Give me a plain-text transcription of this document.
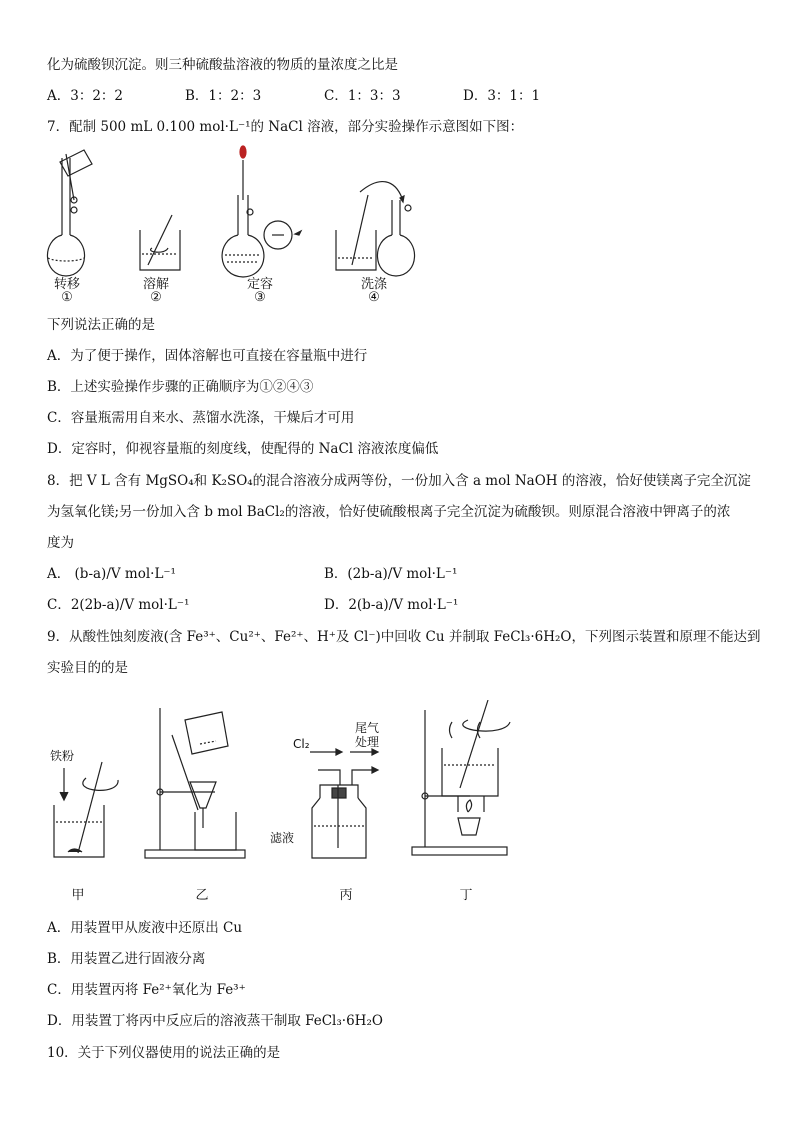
化为硫酸钡沉淀。则三种硫酸盐溶液的物质的量浓度之比是
A．3：2：2	B．1：2：3	C．1：3：3	D．3：1：1
7．配制 500 mL 0.100 mol·L⁻¹的 NaCl 溶液，部分实验操作示意图如下图：
转移	溶解	定容	洗涤
①	②	③	④
下列说法正确的是
A．为了便于操作，固体溶解也可直接在容量瓶中进行
B．上述实验操作步骤的正确顺序为①②④③
C．容量瓶需用自来水、蒸馏水洗涤，干燥后才可用
D．定容时，仰视容量瓶的刻度线，使配得的 NaCl 溶液浓度偏低
8．把 V L 含有 MgSO₄和 K₂SO₄的混合溶液分成两等份，一份加入含 a mol NaOH 的溶液，恰好使镁离子完全沉淀
为氢氧化镁;另一份加入含 b mol BaCl₂的溶液，恰好使硫酸根离子完全沉淀为硫酸钡。则原混合溶液中钾离子的浓
度为
A． (b-a)/V mol·L⁻¹	B．(2b-a)/V mol·L⁻¹
C．2(2b-a)/V mol·L⁻¹	D．2(b-a)/V mol·L⁻¹
9．从酸性蚀刻废液(含 Fe³⁺、Cu²⁺、Fe²⁺、H⁺及 Cl⁻)中回收 Cu 并制取 FeCl₃·6H₂O，下列图示装置和原理不能达到
实验目的的是
铁粉
Cl₂
尾气
处理
滤液
甲	乙	丙	丁
A．用装置甲从废液中还原出 Cu
B．用装置乙进行固液分离
C．用装置丙将 Fe²⁺氧化为 Fe³⁺
D．用装置丁将丙中反应后的溶液蒸干制取 FeCl₃·6H₂O
10．关于下列仪器使用的说法正确的是
